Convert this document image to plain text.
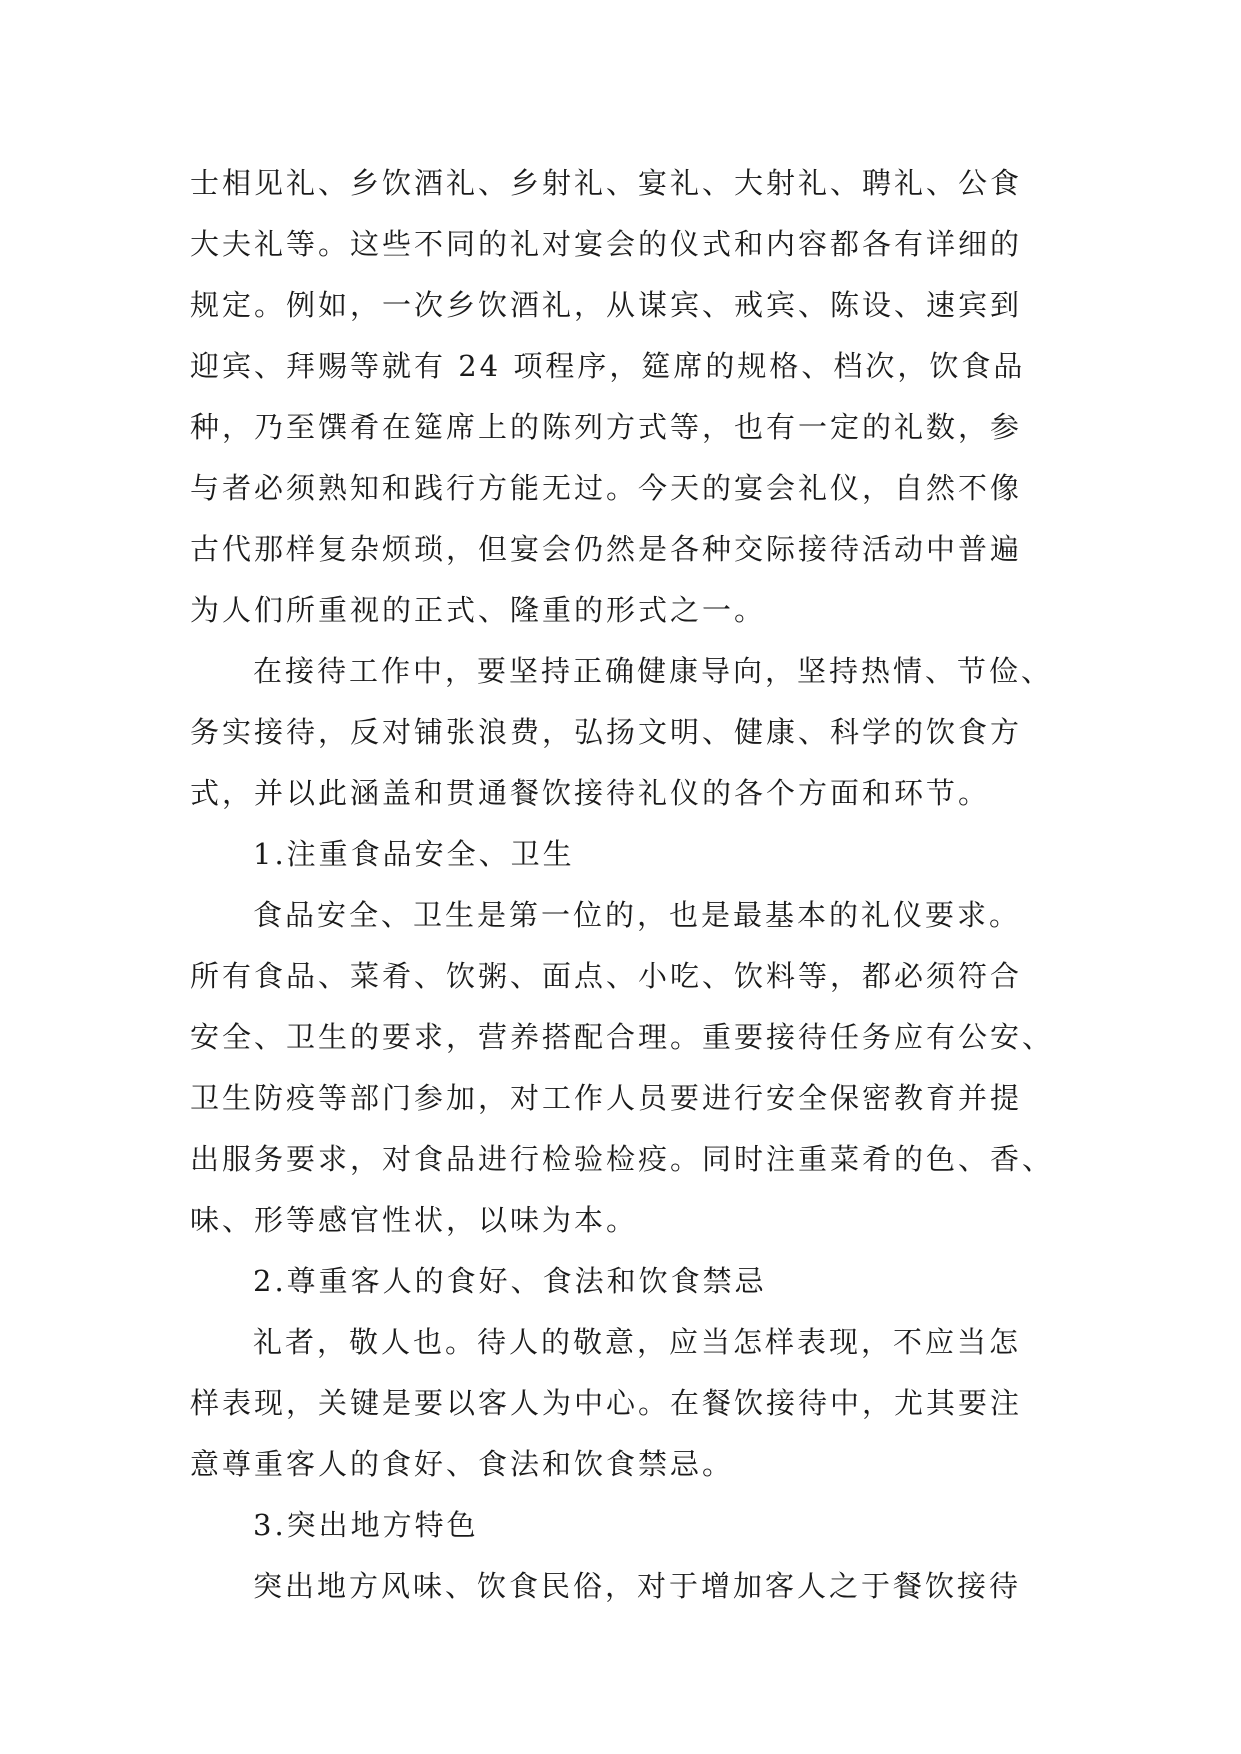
士相见礼、乡饮酒礼、乡射礼、宴礼、大射礼、聘礼、公食
大夫礼等。这些不同的礼对宴会的仪式和内容都各有详细的
规定。例如，一次乡饮酒礼，从谋宾、戒宾、陈设、速宾到
迎宾、拜赐等就有 24 项程序，筵席的规格、档次，饮食品
种，乃至馔肴在筵席上的陈列方式等，也有一定的礼数，参
与者必须熟知和践行方能无过。今天的宴会礼仪，自然不像
古代那样复杂烦琐，但宴会仍然是各种交际接待活动中普遍
为人们所重视的正式、隆重的形式之一。
在接待工作中，要坚持正确健康导向，坚持热情、节俭、
务实接待，反对铺张浪费，弘扬文明、健康、科学的饮食方
式，并以此涵盖和贯通餐饮接待礼仪的各个方面和环节。
1.注重食品安全、卫生
食品安全、卫生是第一位的，也是最基本的礼仪要求。
所有食品、菜肴、饮粥、面点、小吃、饮料等，都必须符合
安全、卫生的要求，营养搭配合理。重要接待任务应有公安、
卫生防疫等部门参加，对工作人员要进行安全保密教育并提
出服务要求，对食品进行检验检疫。同时注重菜肴的色、香、
味、形等感官性状，以味为本。
2.尊重客人的食好、食法和饮食禁忌
礼者，敬人也。待人的敬意，应当怎样表现，不应当怎
样表现，关键是要以客人为中心。在餐饮接待中，尤其要注
意尊重客人的食好、食法和饮食禁忌。
3.突出地方特色
突出地方风味、饮食民俗，对于增加客人之于餐饮接待
